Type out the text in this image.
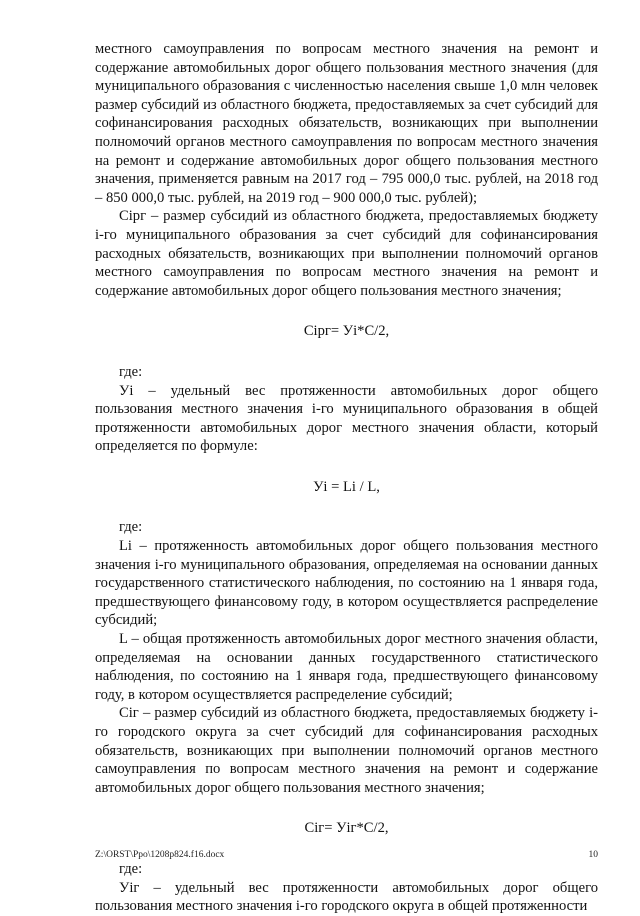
местного самоуправления по вопросам местного значения на ремонт и содержание автомобильных дорог общего пользования местного значения (для муниципального образования с численностью населения свыше 1,0 млн человек размер субсидий из областного бюджета, предоставляемых за счет субсидий для софинансирования расходных обязательств, возникающих при выполнении полномочий органов местного самоуправления по вопросам местного значения на ремонт и содержание автомобильных дорог общего пользования местного значения, применяется равным на 2017 год – 795 000,0 тыс. рублей, на 2018 год – 850 000,0 тыс. рублей, на 2019 год – 900 000,0 тыс. рублей);

Сiрг – размер субсидий из областного бюджета, предоставляемых бюджету i-го муниципального образования за счет субсидий для софинансирования расходных обязательств, возникающих при выполнении полномочий органов местного самоуправления по вопросам местного значения на ремонт и содержание автомобильных дорог общего пользования местного значения;

Сiрг= Уi*С/2,

где:

Уi – удельный вес протяженности автомобильных дорог общего пользования местного значения i-го муниципального образования в общей протяженности автомобильных дорог местного значения области, который определяется по формуле:

Уi = Li / L,

где:

Li – протяженность автомобильных дорог общего пользования местного значения i-го муниципального образования, определяемая на основании данных государственного статистического наблюдения, по состоянию на 1 января года, предшествующего финансовому году, в котором осуществляется распределение субсидий;

L – общая протяженность автомобильных дорог местного значения области, определяемая на основании данных государственного статистического наблюдения, по состоянию на 1 января года, предшествующего финансовому году, в котором осуществляется распределение субсидий;

Сiг – размер субсидий из областного бюджета, предоставляемых бюджету i-го городского округа за счет субсидий для софинансирования расходных обязательств, возникающих при выполнении полномочий органов местного самоуправления по вопросам местного значения на ремонт и содержание автомобильных дорог общего пользования местного значения;

Сiг= Уiг*С/2,

где:

Уiг – удельный вес протяженности автомобильных дорог общего пользования местного значения i-го городского округа в общей протяженности

Z:\ORST\Ppo\1208p824.f16.docx	10
